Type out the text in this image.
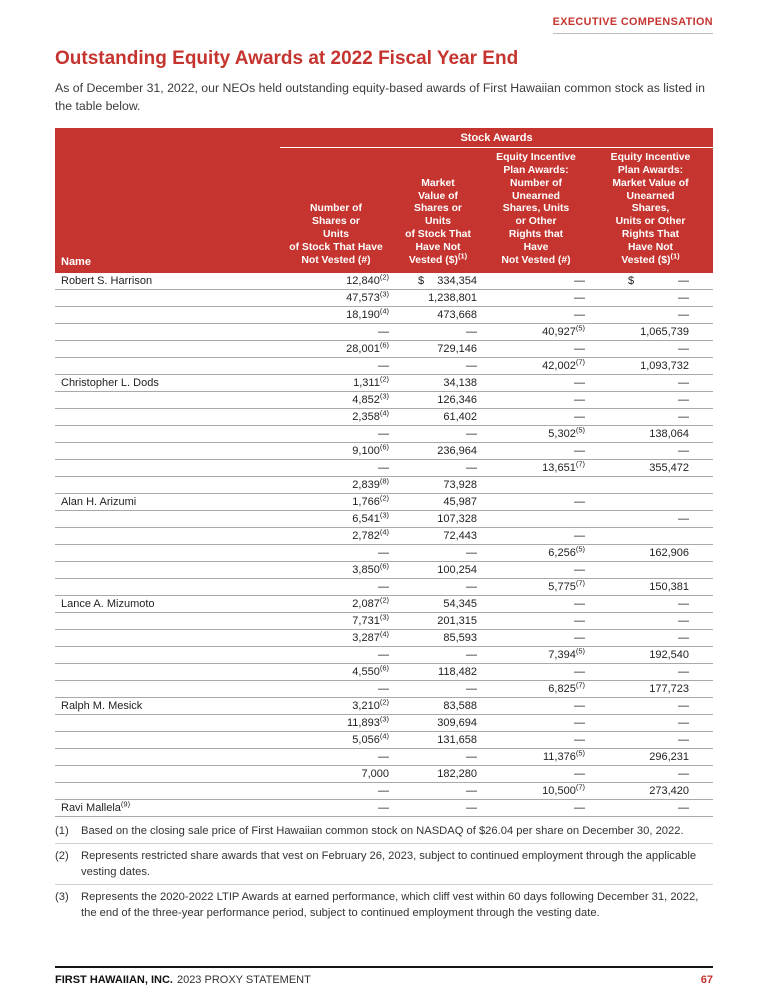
EXECUTIVE COMPENSATION
Outstanding Equity Awards at 2022 Fiscal Year End

As of December 31, 2022, our NEOs held outstanding equity-based awards of First Hawaiian common stock as listed in the table below.

	Stock Awards			
Name	Number of
Shares or
Units
of Stock That Have
Not Vested (#)	Market
Value of
Shares or
Units
of Stock That
Have Not
Vested ($)$^{(1)}$	Equity Incentive
Plan Awards:
Number of
Unearned
Shares, Units
or Other
Rights that
Have
Not Vested (#)	Equity Incentive
Plan Awards:
Market Value of
Unearned
Shares,
Units or Other
Rights That
Have Not
Vested ($)$^{(1)}$
Robert S. Harrison	12,840$^{(2)}$	$ 334,354	—	$ —

	47,573$^{(3)}$	1,238,801	—	—
	18,190$^{(4)}$	473,668	—	—
	—	—	40,927$^{(5)}$	1,065,739
	28,001$^{(6)}$	729,146	—	—
	—	—	42,002$^{(7)}$	1,093,732
Christopher L. Dods	1,311$^{(2)}$	34,138	—	—
	4,852$^{(3)}$	126,346	—	—
	2,358$^{(4)}$	61,402	—	—
	—	—	5,302$^{(5)}$	138,064
	9,100$^{(6)}$	236,964	—	—
	—	—	13,651$^{(7)}$	355,472
	2,839$^{(8)}$	73,928		
Alan H. Arizumi	1,766$^{(2)}$	45,987	—	
	6,541$^{(3)}$	107,328		—
	2,782$^{(4)}$	72,443	—	
	—	—	6,256$^{(5)}$	162,906
	3,850$^{(6)}$	100,254	—	
	—	—	5,775$^{(7)}$	150,381
Lance A. Mizumoto	2,087$^{(2)}$	54,345	—	—
	7,731$^{(3)}$	201,315	—	—
	3,287$^{(4)}$	85,593	—	—
	—	—	7,394$^{(5)}$	192,540
	4,550$^{(6)}$	118,482	—	—
	—	—	6,825$^{(7)}$	177,723
Ralph M. Mesick	3,210$^{(2)}$	83,588	—	—
	11,893$^{(3)}$	309,694	—	—
	5,056$^{(4)}$	131,658	—	—
	—	—	11,376$^{(5)}$	296,231
	7,000	182,280	—	—
	—	—	10,500$^{(7)}$	273,420
Ravi Mallela$^{(9)}$	—	—	—	—
(1)	Based on the closing sale price of First Hawaiian common stock on NASDAQ of $26.04 per share on December 30, 2022.
(2)	Represents restricted share awards that vest on February 26, 2023, subject to continued employment through the applicable vesting dates.
(3)	Represents the 2020-2022 LTIP Awards at earned performance, which cliff vest within 60 days following December 31, 2022, the end of the three-year performance period, subject to continued employment through the vesting date.
FIRST HAWAIIAN, INC. 2023 PROXY STATEMENT	67
